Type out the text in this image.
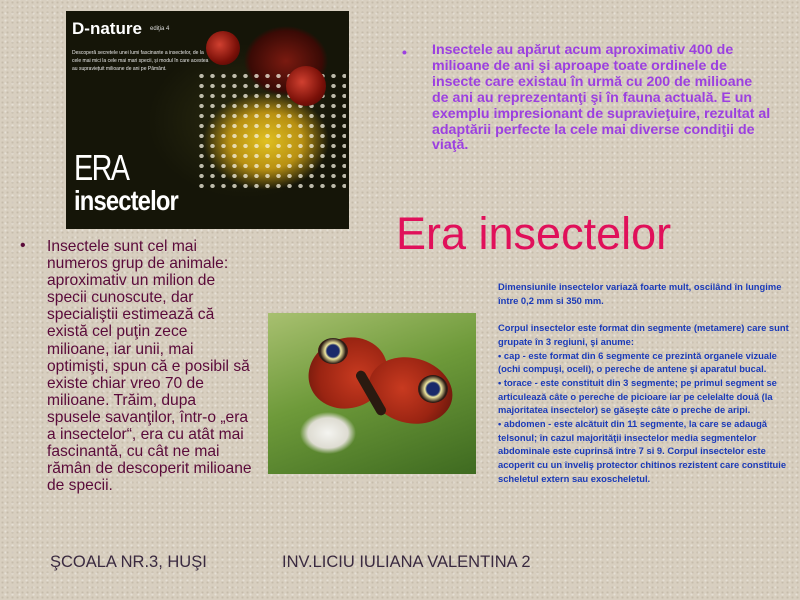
D-nature ediţia 4
Descoperă secretele unei lumi fascinante a insectelor, de la cele mai mici la cele mai mari specii, și modul în care acestea au supraviețuit milioane de ani pe Pământ.
ERA
insectelor
• Insectele au apărut acum aproximativ 400 de milioane de ani şi aproape toate ordinele de insecte care existau în urmă cu 200 de milioane de ani au reprezentanţi şi în fauna actuală. E un exemplu impresionant de supravieţuire, rezultat al adaptării perfecte la cele mai diverse condiţii de viaţă.
Era insectelor
• Insectele sunt cel mai numeros grup de animale: aproximativ un milion de specii cunoscute, dar specialiştii estimează că există cel puţin zece milioane, iar unii, mai optimişti, spun că e posibil să existe chiar vreo 70 de milioane. Trăim, dupa spusele savanţilor, într-o „era a insectelor“, era cu atât mai fascinantă, cu cât ne mai rămân de descoperit milioane de specii.

Dimensiunile insectelor variază foarte mult, oscilând în lungime între 0,2 mm si 350 mm.

Corpul insectelor este format din segmente (metamere) care sunt grupate în 3 regiuni, şi anume:

• cap - este format din 6 segmente ce prezintă organele vizuale (ochi compuşi, oceli), o pereche de antene şi aparatul bucal.

• torace - este constituit din 3 segmente; pe primul segment se articulează câte o pereche de picioare iar pe celelalte două (la majoritatea insectelor) se găseşte câte o preche de aripi.

• abdomen - este alcătuit din 11 segmente, la care se adaugă telsonul; în cazul majorităţii insectelor media segmentelor abdominale este cuprinsă între 7 si 9. Corpul insectelor este acoperit cu un înveliş protector chitinos rezistent care constituie scheletul extern sau exoscheletul.

ŞCOALA NR.3, HUŞI	INV.LICIU IULIANA VALENTINA 2
